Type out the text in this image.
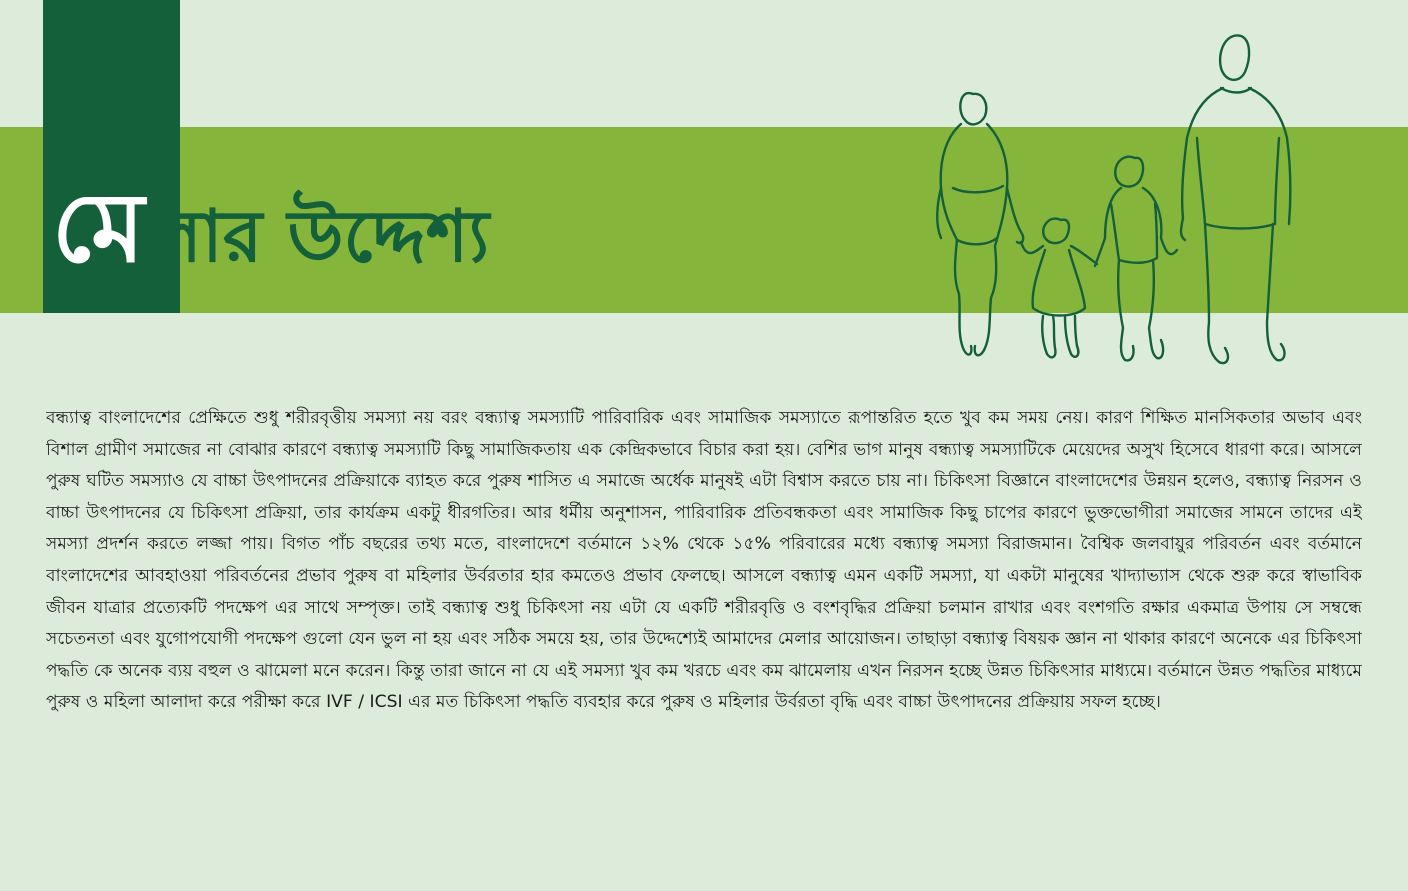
মে লার উদ্দেশ্য

বন্ধ্যাত্ব বাংলাদেশের প্রেক্ষিতে শুধু শরীরবৃত্তীয় সমস্যা নয় বরং বন্ধ্যাত্ব সমস্যাটি পারিবারিক এবং সামাজিক সমস্যাতে রূপান্তরিত হতে খুব কম সময় নেয়। কারণ শিক্ষিত মানসিকতার অভাব এবং বিশাল গ্রামীণ সমাজের না বোঝার কারণে বন্ধ্যাত্ব সমস্যাটি কিছু সামাজিকতায় এক কেন্দ্রিকভাবে বিচার করা হয়। বেশির ভাগ মানুষ বন্ধ্যাত্ব সমস্যাটিকে মেয়েদের অসুখ হিসেবে ধারণা করে। আসলে পুরুষ ঘটিত সমস্যাও যে বাচ্চা উৎপাদনের প্রক্রিয়াকে ব্যাহত করে পুরুষ শাসিত এ সমাজে অর্ধেক মানুষই এটা বিশ্বাস করতে চায় না। চিকিৎসা বিজ্ঞানে বাংলাদেশের উন্নয়ন হলেও, বন্ধ্যাত্ব নিরসন ও বাচ্চা উৎপাদনের যে চিকিৎসা প্রক্রিয়া, তার কার্যক্রম একটু ধীরগতির। আর ধর্মীয় অনুশাসন, পারিবারিক প্রতিবন্ধকতা এবং সামাজিক কিছু চাপের কারণে ভুক্তভোগীরা সমাজের সামনে তাদের এই সমস্যা প্রদর্শন করতে লজ্জা পায়। বিগত পাঁচ বছরের তথ্য মতে, বাংলাদেশে বর্তমানে ১২% থেকে ১৫% পরিবারের মধ্যে বন্ধ্যাত্ব সমস্যা বিরাজমান। বৈশ্বিক জলবায়ুর পরিবর্তন এবং বর্তমানে বাংলাদেশের আবহাওয়া পরিবর্তনের প্রভাব পুরুষ বা মহিলার উর্বরতার হার কমতেও প্রভাব ফেলছে। আসলে বন্ধ্যাত্ব এমন একটি সমস্যা, যা একটা মানুষের খাদ্যাভ্যাস থেকে শুরু করে স্বাভাবিক জীবন যাত্রার প্রত্যেকটি পদক্ষেপ এর সাথে সম্পৃক্ত। তাই বন্ধ্যাত্ব শুধু চিকিৎসা নয় এটা যে একটি শরীরবৃত্তি ও বংশবৃদ্ধির প্রক্রিয়া চলমান রাখার এবং বংশগতি রক্ষার একমাত্র উপায় সে সম্বন্ধে সচেতনতা এবং যুগোপযোগী পদক্ষেপ গুলো যেন ভুল না হয় এবং সঠিক সময়ে হয়, তার উদ্দেশ্যেই আমাদের মেলার আয়োজন। তাছাড়া বন্ধ্যাত্ব বিষয়ক জ্ঞান না থাকার কারণে অনেকে এর চিকিৎসা পদ্ধতি কে অনেক ব্যয় বহুল ও ঝামেলা মনে করেন। কিন্তু তারা জানে না যে এই সমস্যা খুব কম খরচে এবং কম ঝামেলায় এখন নিরসন হচ্ছে উন্নত চিকিৎসার মাধ্যমে। বর্তমানে উন্নত পদ্ধতির মাধ্যমে পুরুষ ও মহিলা আলাদা করে পরীক্ষা করে IVF / ICSI এর মত চিকিৎসা পদ্ধতি ব্যবহার করে পুরুষ ও মহিলার উর্বরতা বৃদ্ধি এবং বাচ্চা উৎপাদনের প্রক্রিয়ায় সফল হচ্ছে।
